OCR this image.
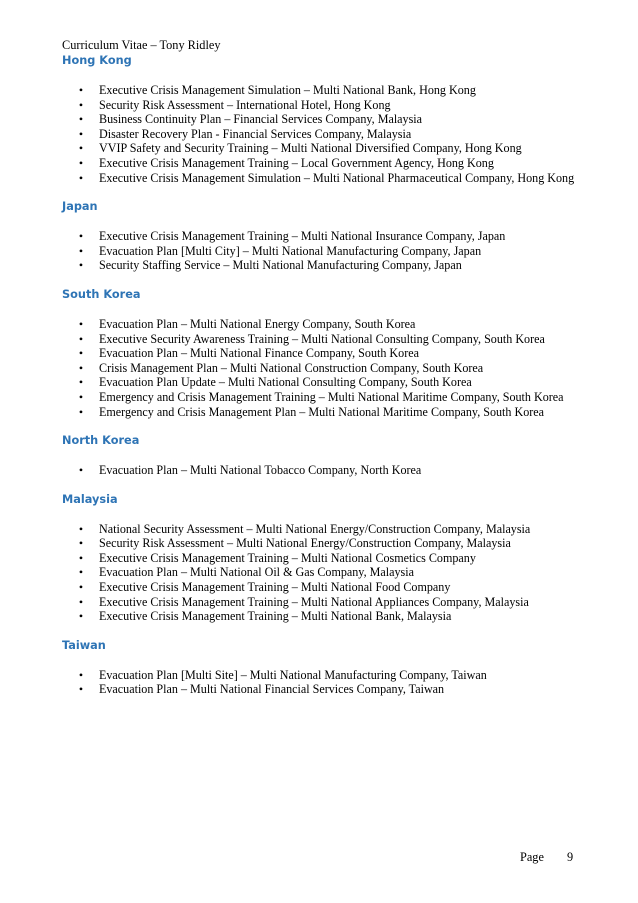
Curriculum Vitae – Tony Ridley
Hong Kong
• Executive Crisis Management Simulation – Multi National Bank, Hong Kong
• Security Risk Assessment – International Hotel, Hong Kong
• Business Continuity Plan – Financial Services Company, Malaysia
• Disaster Recovery Plan - Financial Services Company, Malaysia
• VVIP Safety and Security Training – Multi National Diversified Company, Hong Kong
• Executive Crisis Management Training – Local Government Agency, Hong Kong
• Executive Crisis Management Simulation – Multi National Pharmaceutical Company, Hong Kong
Japan
• Executive Crisis Management Training – Multi National Insurance Company, Japan
• Evacuation Plan [Multi City] – Multi National Manufacturing Company, Japan
• Security Staffing Service – Multi National Manufacturing Company, Japan
South Korea
• Evacuation Plan – Multi National Energy Company, South Korea
• Executive Security Awareness Training – Multi National Consulting Company, South Korea
• Evacuation Plan – Multi National Finance Company, South Korea
• Crisis Management Plan – Multi National Construction Company, South Korea
• Evacuation Plan Update – Multi National Consulting Company, South Korea
• Emergency and Crisis Management Training – Multi National Maritime Company, South Korea
• Emergency and Crisis Management Plan – Multi National Maritime Company, South Korea
North Korea
• Evacuation Plan – Multi National Tobacco Company, North Korea
Malaysia
• National Security Assessment – Multi National Energy/Construction Company, Malaysia
• Security Risk Assessment – Multi National Energy/Construction Company, Malaysia
• Executive Crisis Management Training – Multi National Cosmetics Company
• Evacuation Plan – Multi National Oil & Gas Company, Malaysia
• Executive Crisis Management Training – Multi National Food Company
• Executive Crisis Management Training – Multi National Appliances Company, Malaysia
• Executive Crisis Management Training – Multi National Bank, Malaysia
Taiwan
• Evacuation Plan [Multi Site] – Multi National Manufacturing Company, Taiwan
• Evacuation Plan – Multi National Financial Services Company, Taiwan
Page 9
